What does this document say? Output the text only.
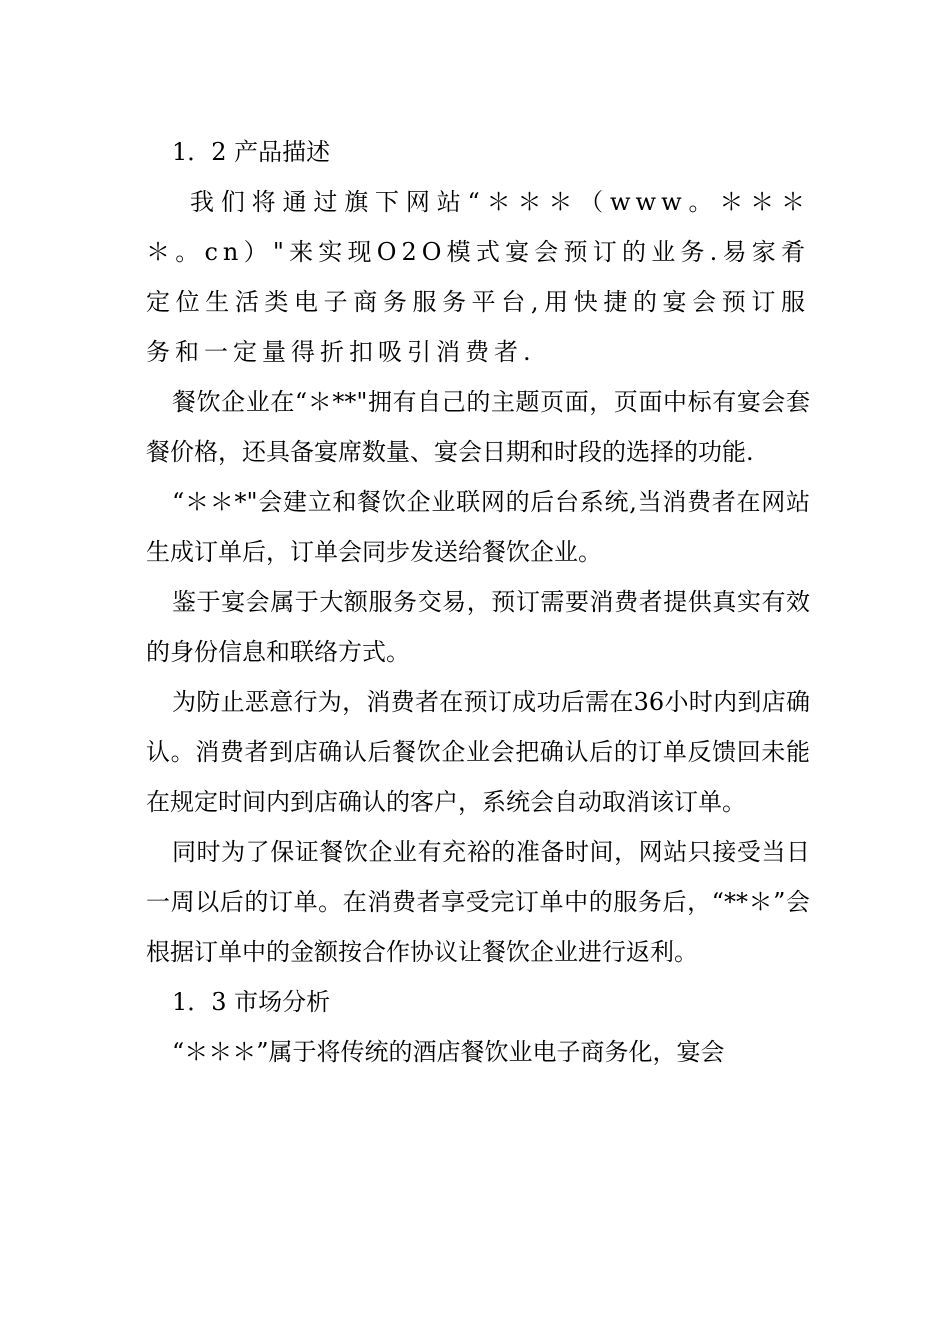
1．2 产品描述

我们将通过旗下网站“＊＊＊（www。＊＊＊＊。cn）"来实现O2O模式宴会预订的业务.易家肴定位生活类电子商务服务平台,用快捷的宴会预订服务和一定量得折扣吸引消费者.

餐饮企业在“＊**"拥有自己的主题页面，页面中标有宴会套餐价格，还具备宴席数量、宴会日期和时段的选择的功能.

“＊＊*"会建立和餐饮企业联网的后台系统,当消费者在网站生成订单后，订单会同步发送给餐饮企业。

鉴于宴会属于大额服务交易，预订需要消费者提供真实有效的身份信息和联络方式。

为防止恶意行为，消费者在预订成功后需在36小时内到店确认。消费者到店确认后餐饮企业会把确认后的订单反馈回未能在规定时间内到店确认的客户，系统会自动取消该订单。

同时为了保证餐饮企业有充裕的准备时间，网站只接受当日一周以后的订单。在消费者享受完订单中的服务后，“**＊”会根据订单中的金额按合作协议让餐饮企业进行返利。

1．3 市场分析

“＊＊＊”属于将传统的酒店餐饮业电子商务化，宴会
